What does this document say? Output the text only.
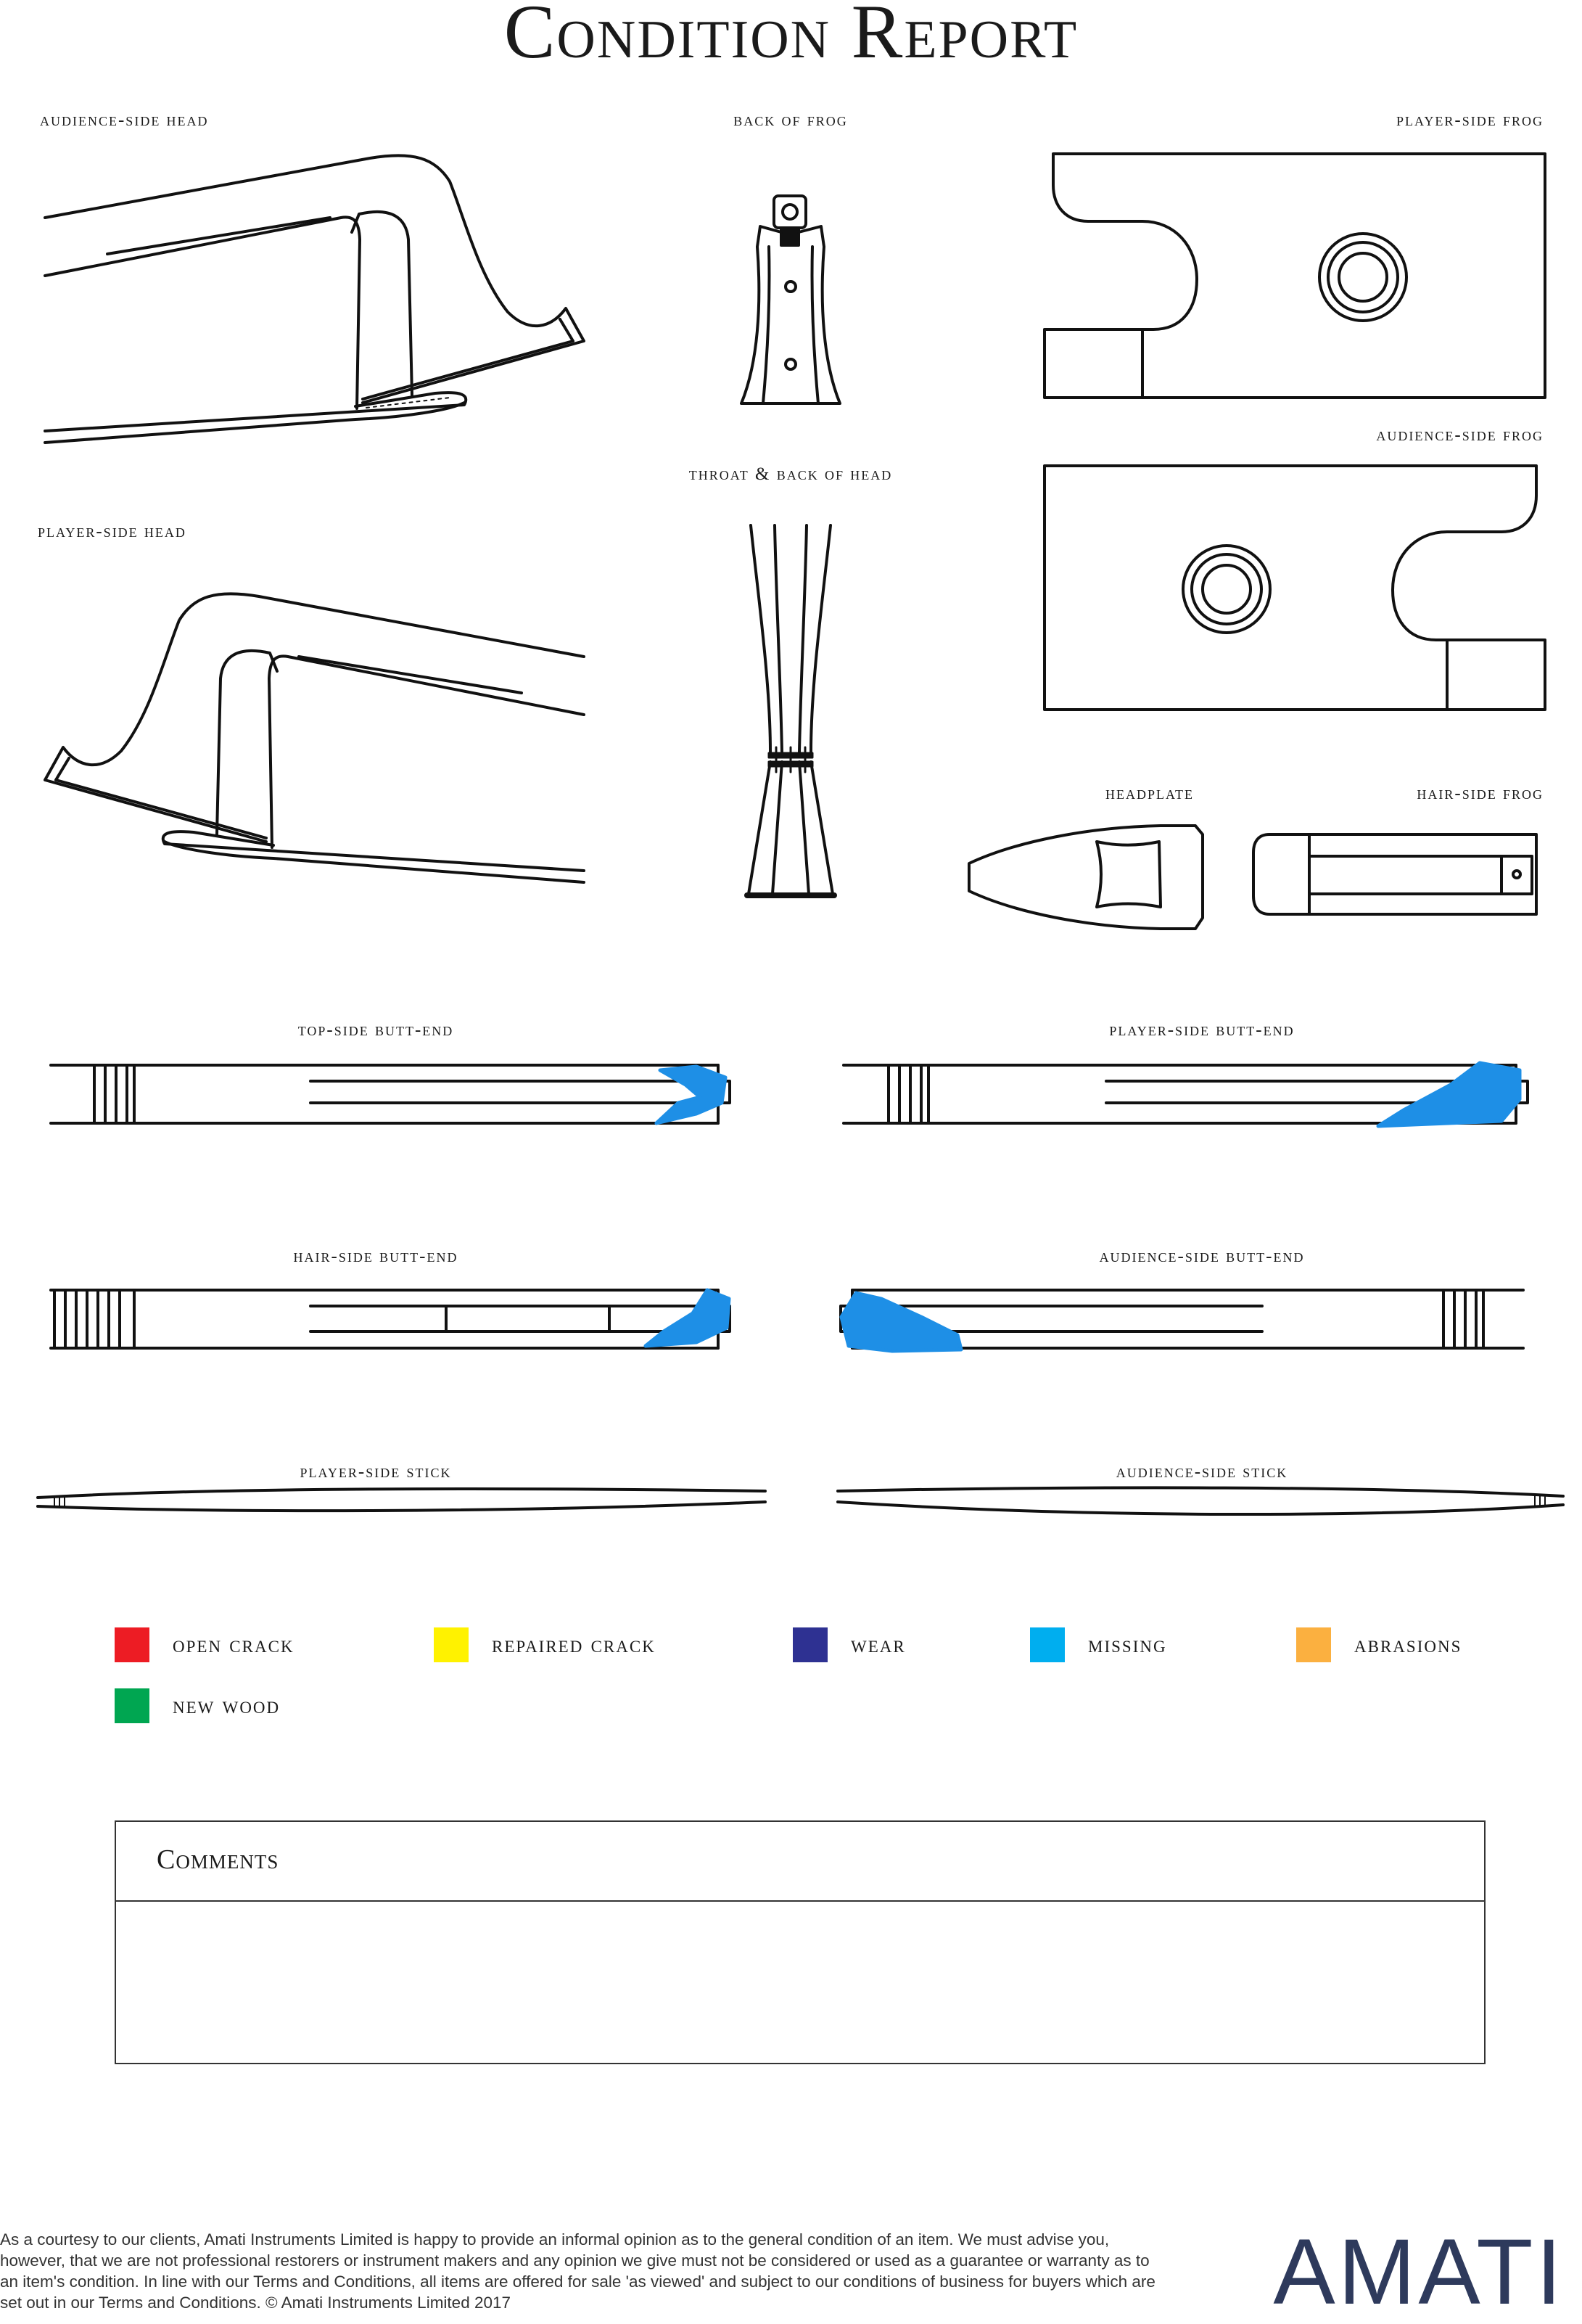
Condition Report
audience-side head	back of frog	player-side frog
audience-side frog
throat & back of head
player-side head
headplate	hair-side frog
top-side butt-end	player-side butt-end
hair-side butt-end	audience-side butt-end
player-side stick	audience-side stick
open crack	repaired crack	wear	missing	abrasions
new wood
Comments

As a courtesy to our clients, Amati Instruments Limited is happy to provide an informal opinion as to the general condition of an item. We must advise you, however, that we are not professional restorers or instrument makers and any opinion we give must not be considered or used as a guarantee or warranty as to an item's condition. In line with our Terms and Conditions, all items are offered for sale 'as viewed' and subject to our conditions of business for buyers which are set out in our Terms and Conditions. © Amati Instruments Limited 2017	AMATI
